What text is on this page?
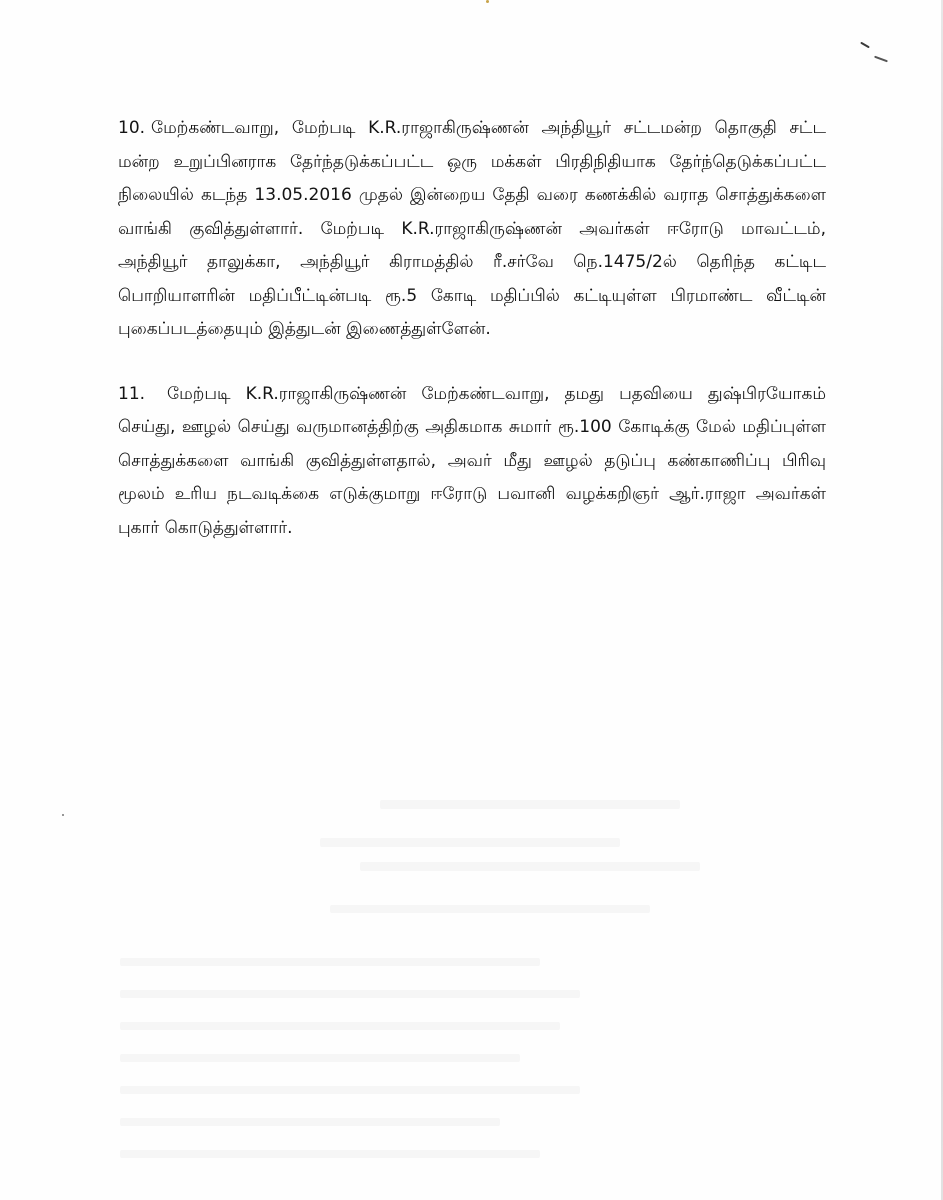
10. மேற்கண்டவாறு, மேற்படி K.R.ராஜாகிருஷ்ணன் அந்தியூர் சட்டமன்ற தொகுதி சட்ட மன்ற உறுப்பினராக தேர்ந்தடுக்கப்பட்ட ஒரு மக்கள் பிரதிநிதியாக தேர்ந்தெடுக்கப்பட்ட நிலையில் கடந்த 13.05.2016 முதல் இன்றைய தேதி வரை கணக்கில் வராத சொத்துக்களை வாங்கி குவித்துள்ளார். மேற்படி K.R.ராஜாகிருஷ்ணன் அவர்கள் ஈரோடு மாவட்டம், அந்தியூர் தாலுக்கா, அந்தியூர் கிராமத்தில் ரீ.சர்வே நெ.1475/2ல் தெரிந்த கட்டிட பொறியாளரின் மதிப்பீட்டின்படி ரூ.5 கோடி மதிப்பில் கட்டியுள்ள பிரமாண்ட வீட்டின் புகைப்படத்தையும் இத்துடன் இணைத்துள்ளேன்.

11. மேற்படி K.R.ராஜாகிருஷ்ணன் மேற்கண்டவாறு, தமது பதவியை துஷ்பிரயோகம் செய்து, ஊழல் செய்து வருமானத்திற்கு அதிகமாக சுமார் ரூ.100 கோடிக்கு மேல் மதிப்புள்ள சொத்துக்களை வாங்கி குவித்துள்ளதால், அவர் மீது ஊழல் தடுப்பு கண்காணிப்பு பிரிவு மூலம் உரிய நடவடிக்கை எடுக்குமாறு ஈரோடு பவானி வழக்கறிஞர் ஆர்.ராஜா அவர்கள் புகார் கொடுத்துள்ளார்.
